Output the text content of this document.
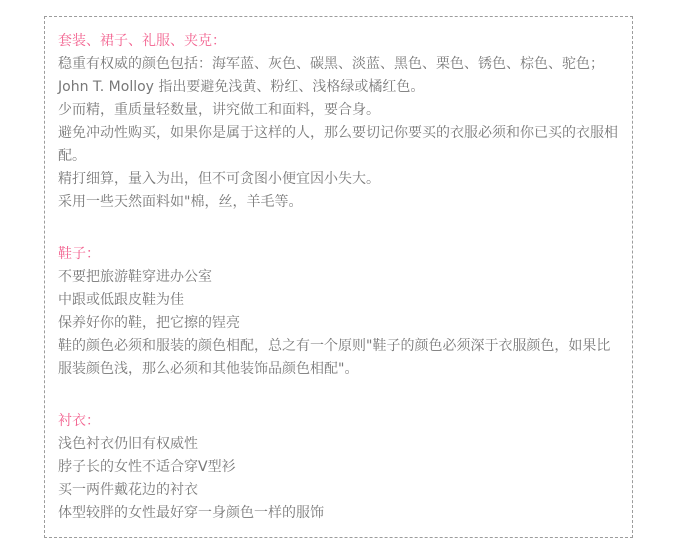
套装、裙子、礼服、夹克：

稳重有权威的颜色包括：海军蓝、灰色、碳黑、淡蓝、黑色、栗色、锈色、棕色、驼色；

John T. Molloy 指出要避免浅黄、粉红、浅格绿或橘红色。

少而精，重质量轻数量，讲究做工和面料，要合身。

避免冲动性购买，如果你是属于这样的人，那么要切记你要买的衣服必须和你已买的衣服相配。

精打细算，量入为出，但不可贪图小便宜因小失大。

采用一些天然面料如"棉，丝，羊毛等。

鞋子：

不要把旅游鞋穿进办公室

中跟或低跟皮鞋为佳

保养好你的鞋，把它擦的锃亮

鞋的颜色必须和服装的颜色相配，总之有一个原则"鞋子的颜色必须深于衣服颜色，如果比服装颜色浅，那么必须和其他装饰品颜色相配"。

衬衣：

浅色衬衣仍旧有权威性

脖子长的女性不适合穿V型衫

买一两件戴花边的衬衣

体型较胖的女性最好穿一身颜色一样的服饰
